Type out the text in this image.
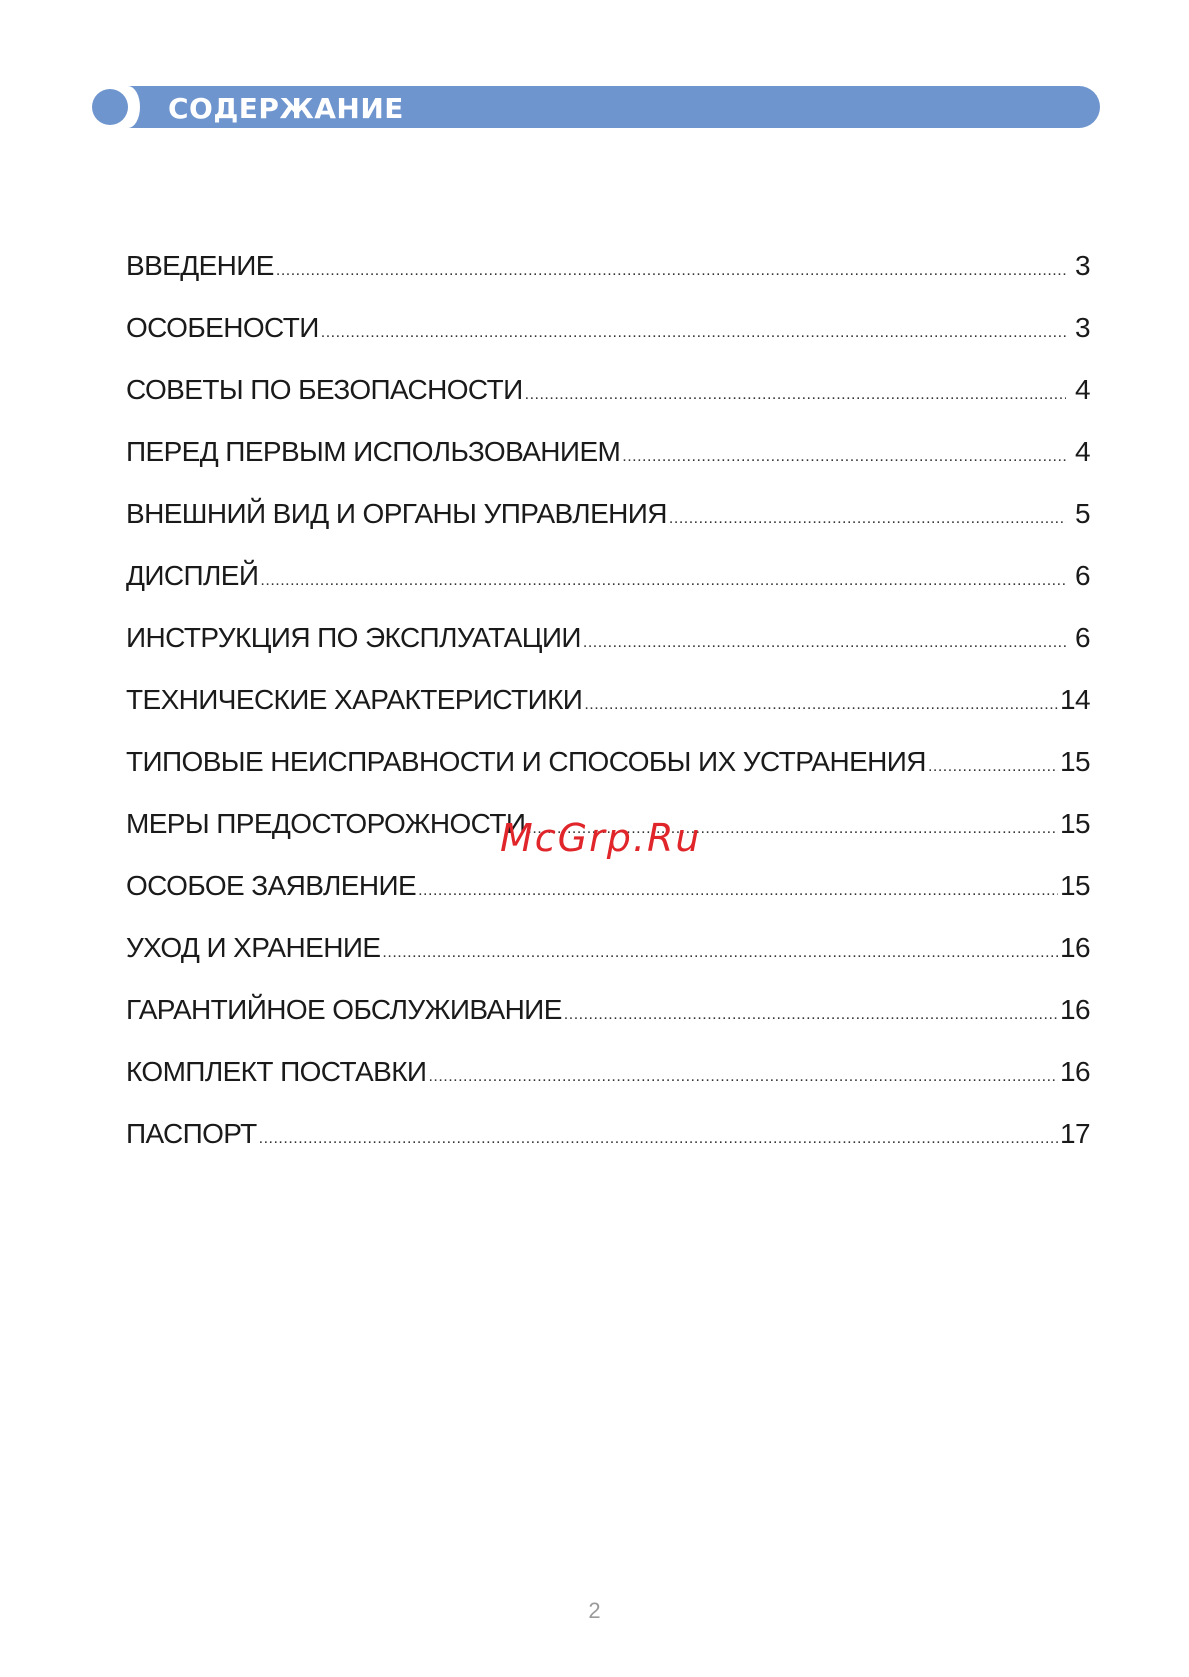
СОДЕРЖАНИЕ
ВВЕДЕНИЕ .....	3
ОСОБЕНОСТИ .....	3
СОВЕТЫ ПО БЕЗОПАСНОСТИ .....	4
ПЕРЕД ПЕРВЫМ ИСПОЛЬЗОВАНИЕМ .....	4
ВНЕШНИЙ ВИД И ОРГАНЫ УПРАВЛЕНИЯ .....	5
ДИСПЛЕЙ .....	6
ИНСТРУКЦИЯ ПО ЭКСПЛУАТАЦИИ .....	6
ТЕХНИЧЕСКИЕ ХАРАКТЕРИСТИКИ .....	14
ТИПОВЫЕ НЕИСПРАВНОСТИ И СПОСОБЫ ИХ УСТРАНЕНИЯ .....	15
МЕРЫ ПРЕДОСТОРОЖНОСТИ .....	15
ОСОБОЕ ЗАЯВЛЕНИЕ .....	15
УХОД И ХРАНЕНИЕ .....	16
ГАРАНТИЙНОЕ ОБСЛУЖИВАНИЕ .....	16
КОМПЛЕКТ ПОСТАВКИ .....	16
ПАСПОРТ .....	17
McGrp.Ru
2
